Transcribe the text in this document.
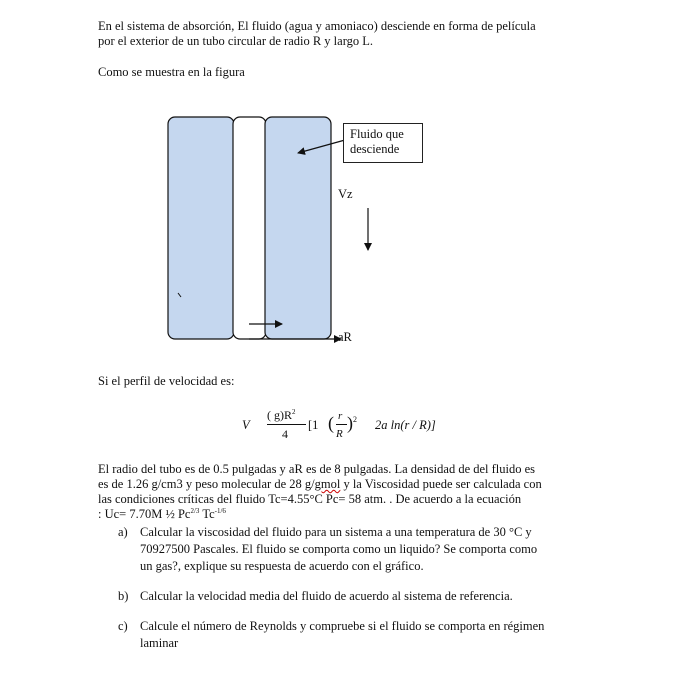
En el sistema de absorción, El fluido (agua y amoniaco) desciende en forma de película
por el exterior de un tubo circular de radio R y largo L.
Como se muestra en la figura
Fluido que
desciende
Vz
aR
Si el perfil de velocidad es:
V
( $g)R^2$
4
[1 ( r
R
) 2 2a ln(r / R)]
El radio del tubo es de 0.5 pulgadas y aR es de 8 pulgadas. La densidad de del fluido es
es de 1.26 g/cm3 y peso molecular de 28 g/gmol y la Viscosidad puede ser calculada con
las condiciones críticas del fluido Tc=4.55°C Pc= 58 atm. . De acuerdo a la ecuación
: Uc= 7.70M ½ $Pc^{2/3}$ $Tc^{-1/6}$
a) Calcular la viscosidad del fluido para un sistema a una temperatura de 30 °C y
70927500 Pascales. El fluido se comporta como un liquido? Se comporta como
un gas?, explique su respuesta de acuerdo con el gráfico.
b) Calcular la velocidad media del fluido de acuerdo al sistema de referencia.
c) Calcule el número de Reynolds y compruebe si el fluido se comporta en régimen
laminar
